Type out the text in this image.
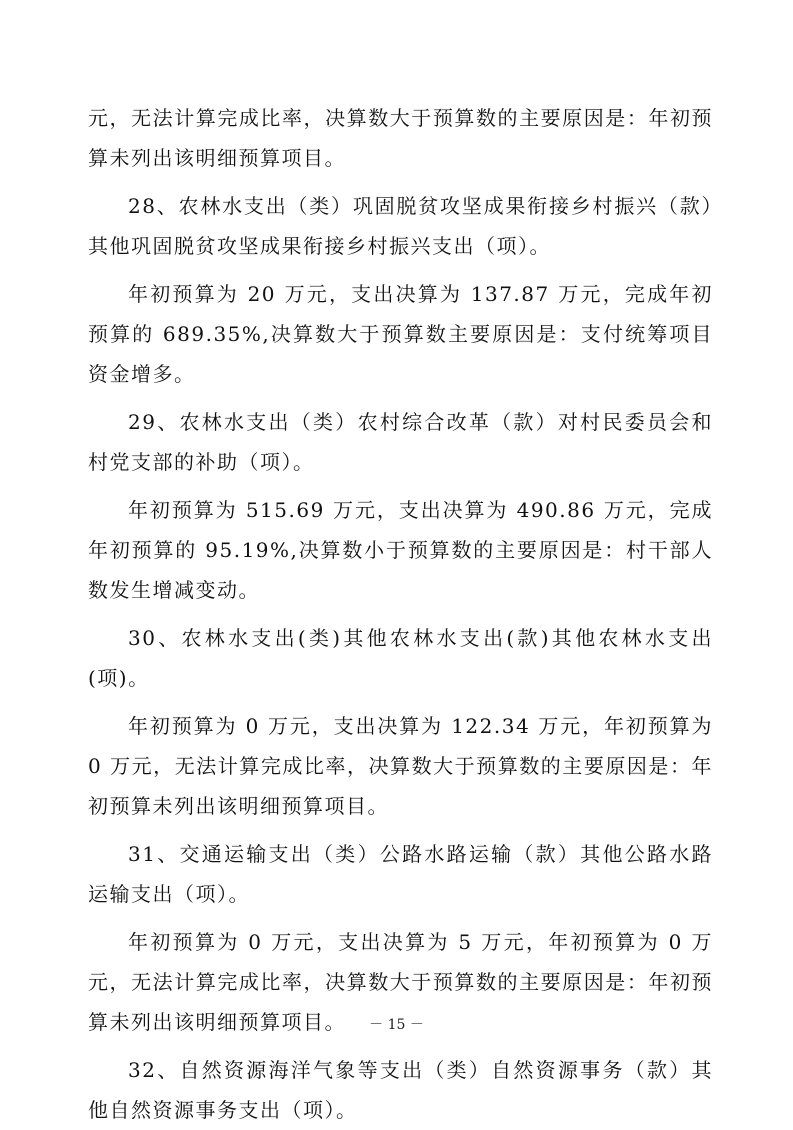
元，无法计算完成比率，决算数大于预算数的主要原因是：年初预算未列出该明细预算项目。

28、农林水支出（类）巩固脱贫攻坚成果衔接乡村振兴（款）其他巩固脱贫攻坚成果衔接乡村振兴支出（项）。

年初预算为 20 万元，支出决算为 137.87 万元，完成年初预算的 689.35%,决算数大于预算数主要原因是：支付统筹项目资金增多。

29、农林水支出（类）农村综合改革（款）对村民委员会和村党支部的补助（项）。

年初预算为 515.69 万元，支出决算为 490.86 万元，完成年初预算的 95.19%,决算数小于预算数的主要原因是：村干部人数发生增减变动。

30、农林水支出(类)其他农林水支出(款)其他农林水支出(项)。

年初预算为 0 万元，支出决算为 122.34 万元，年初预算为 0 万元，无法计算完成比率，决算数大于预算数的主要原因是：年初预算未列出该明细预算项目。

31、交通运输支出（类）公路水路运输（款）其他公路水路运输支出（项）。

年初预算为 0 万元，支出决算为 5 万元，年初预算为 0 万元，无法计算完成比率，决算数大于预算数的主要原因是：年初预算未列出该明细预算项目。

32、自然资源海洋气象等支出（类）自然资源事务（款）其他自然资源事务支出（项）。

－ 15 －
